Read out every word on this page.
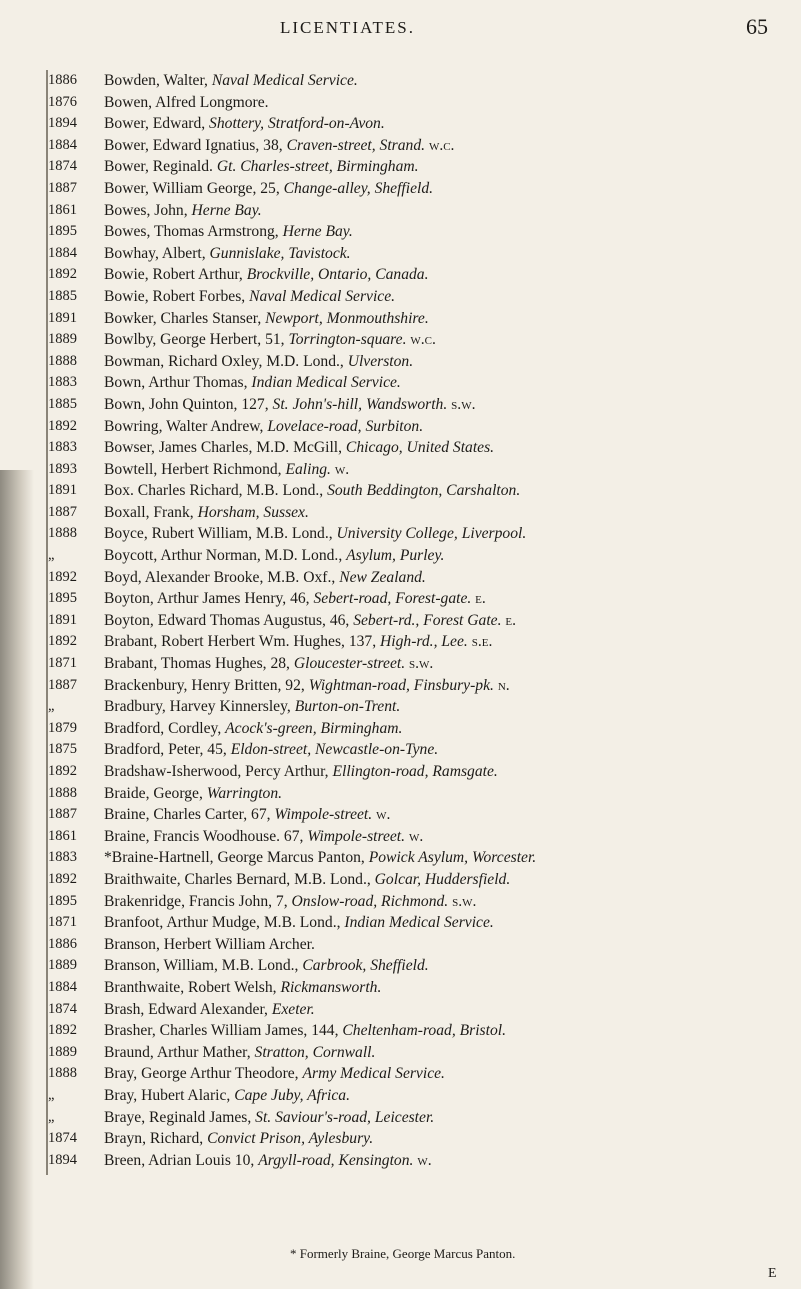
LICENTIATES.	65
1886	Bowden, Walter, Naval Medical Service.
1876	Bowen, Alfred Longmore.
1894	Bower, Edward, Shottery, Stratford-on-Avon.
1884	Bower, Edward Ignatius, 38, Craven-street, Strand. w.c.
1874	Bower, Reginald. Gt. Charles-street, Birmingham.
1887	Bower, William George, 25, Change-alley, Sheffield.
1861	Bowes, John, Herne Bay.
1895	Bowes, Thomas Armstrong, Herne Bay.
1884	Bowhay, Albert, Gunnislake, Tavistock.
1892	Bowie, Robert Arthur, Brockville, Ontario, Canada.
1885	Bowie, Robert Forbes, Naval Medical Service.
1891	Bowker, Charles Stanser, Newport, Monmouthshire.
1889	Bowlby, George Herbert, 51, Torrington-square. w.c.
1888	Bowman, Richard Oxley, M.D. Lond., Ulverston.
1883	Bown, Arthur Thomas, Indian Medical Service.
1885	Bown, John Quinton, 127, St. John's-hill, Wandsworth. s.w.
1892	Bowring, Walter Andrew, Lovelace-road, Surbiton.
1883	Bowser, James Charles, M.D. McGill, Chicago, United States.
1893	Bowtell, Herbert Richmond, Ealing. w.
1891	Box. Charles Richard, M.B. Lond., South Beddington, Carshalton.
1887	Boxall, Frank, Horsham, Sussex.
1888	Boyce, Rubert William, M.B. Lond., University College, Liverpool.
„	Boycott, Arthur Norman, M.D. Lond., Asylum, Purley.
1892	Boyd, Alexander Brooke, M.B. Oxf., New Zealand.
1895	Boyton, Arthur James Henry, 46, Sebert-road, Forest-gate. e.
1891	Boyton, Edward Thomas Augustus, 46, Sebert-rd., Forest Gate. e.
1892	Brabant, Robert Herbert Wm. Hughes, 137, High-rd., Lee. s.e.
1871	Brabant, Thomas Hughes, 28, Gloucester-street. s.w.
1887	Brackenbury, Henry Britten, 92, Wightman-road, Finsbury-pk. n.
„	Bradbury, Harvey Kinnersley, Burton-on-Trent.
1879	Bradford, Cordley, Acock's-green, Birmingham.
1875	Bradford, Peter, 45, Eldon-street, Newcastle-on-Tyne.
1892	Bradshaw-Isherwood, Percy Arthur, Ellington-road, Ramsgate.
1888	Braide, George, Warrington.
1887	Braine, Charles Carter, 67, Wimpole-street. w.
1861	Braine, Francis Woodhouse. 67, Wimpole-street. w.
1883	*Braine-Hartnell, George Marcus Panton, Powick Asylum, Worcester.
1892	Braithwaite, Charles Bernard, M.B. Lond., Golcar, Huddersfield.
1895	Brakenridge, Francis John, 7, Onslow-road, Richmond. s.w.
1871	Branfoot, Arthur Mudge, M.B. Lond., Indian Medical Service.
1886	Branson, Herbert William Archer.
1889	Branson, William, M.B. Lond., Carbrook, Sheffield.
1884	Branthwaite, Robert Welsh, Rickmansworth.
1874	Brash, Edward Alexander, Exeter.
1892	Brasher, Charles William James, 144, Cheltenham-road, Bristol.
1889	Braund, Arthur Mather, Stratton, Cornwall.
1888	Bray, George Arthur Theodore, Army Medical Service.
„	Bray, Hubert Alaric, Cape Juby, Africa.
„	Braye, Reginald James, St. Saviour's-road, Leicester.
1874	Brayn, Richard, Convict Prison, Aylesbury.
1894	Breen, Adrian Louis 10, Argyll-road, Kensington. w.
* Formerly Braine, George Marcus Panton.
E
